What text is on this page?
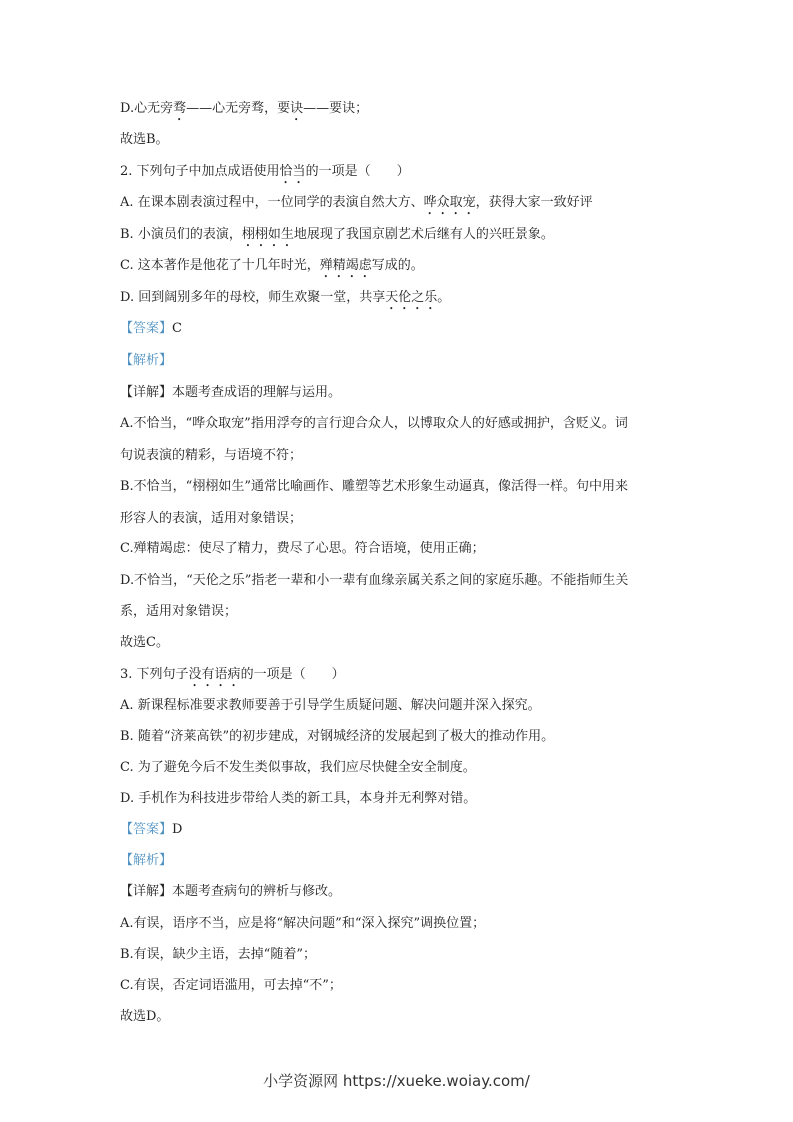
D.心无旁骛——心无旁骛，要诀——要诀；
故选B。
2. 下列句子中加点成语使用恰当的一项是（　　）
A. 在课本剧表演过程中，一位同学的表演自然大方、哗众取宠，获得大家一致好评
B. 小演员们的表演，栩栩如生地展现了我国京剧艺术后继有人的兴旺景象。
C. 这本著作是他花了十几年时光，殚精竭虑写成的。
D. 回到阔别多年的母校，师生欢聚一堂，共享天伦之乐。
【答案】C
【解析】
【详解】本题考查成语的理解与运用。
A.不恰当，“哗众取宠”指用浮夸的言行迎合众人，以博取众人的好感或拥护，含贬义。词
句说表演的精彩，与语境不符；
B.不恰当，“栩栩如生”通常比喻画作、雕塑等艺术形象生动逼真，像活得一样。句中用来
形容人的表演，适用对象错误；
C.殚精竭虑：使尽了精力，费尽了心思。符合语境，使用正确；
D.不恰当，“天伦之乐”指老一辈和小一辈有血缘亲属关系之间的家庭乐趣。不能指师生关
系，适用对象错误；
故选C。
3. 下列句子没有语病的一项是（　　）
A. 新课程标准要求教师要善于引导学生质疑问题、解决问题并深入探究。
B. 随着“济莱高铁”的初步建成，对钢城经济的发展起到了极大的推动作用。
C. 为了避免今后不发生类似事故，我们应尽快健全安全制度。
D. 手机作为科技进步带给人类的新工具，本身并无利弊对错。
【答案】D
【解析】
【详解】本题考查病句的辨析与修改。
A.有误，语序不当，应是将“解决问题”和“深入探究”调换位置；
B.有误，缺少主语，去掉“随着”；
C.有误，否定词语滥用，可去掉“不”；
故选D。
小学资源网 https://xueke.woiay.com/
